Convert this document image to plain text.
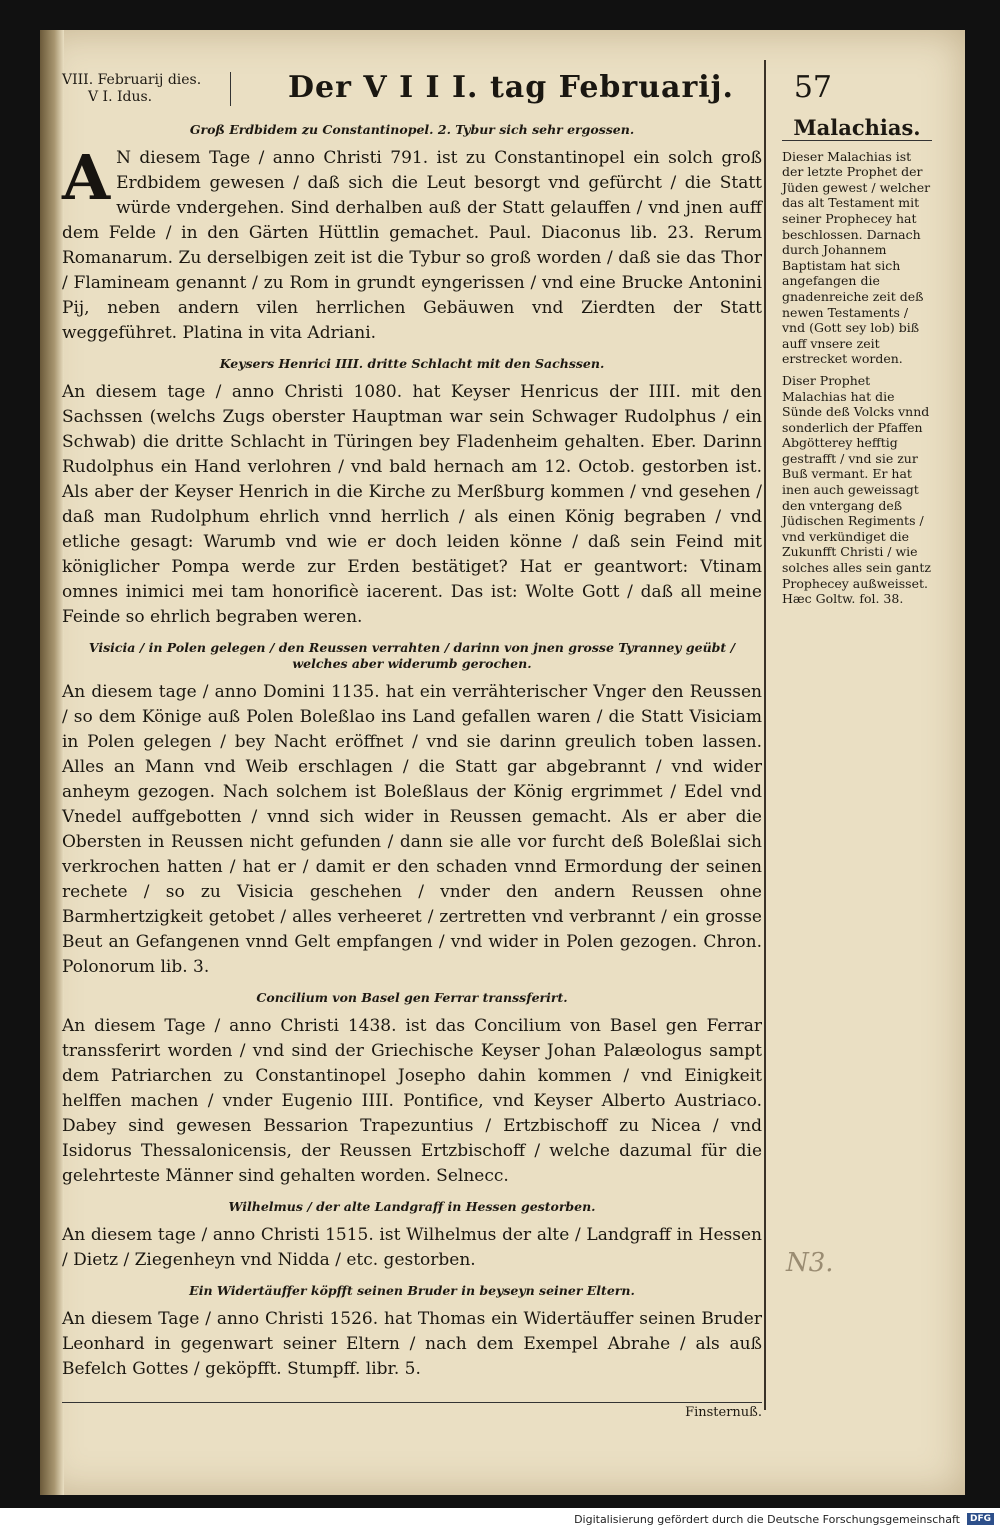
VIII. Februarij dies.
V I. Idus.	Der V I I I. tag Februarij. 57
Groß Erdbidem zu Constantinopel. 2. Tybur sich sehr ergossen.

A N diesem Tage / anno Christi 791. ist zu Constantinopel ein solch groß Erdbidem gewesen / daß sich die Leut besorgt vnd gefürcht / die Statt würde vndergehen. Sind derhalben auß der Statt gelauffen / vnd jnen auff dem Felde / in den Gärten Hüttlin gemachet. Paul. Diaconus lib. 23. Rerum Romanarum. Zu derselbigen zeit ist die Tybur so groß worden / daß sie das Thor / Flamineam genannt / zu Rom in grundt eyngerissen / vnd eine Brucke Antonini Pij, neben andern vilen herrlichen Gebäuwen vnd Zierdten der Statt weggeführet. Platina in vita Adriani.

Keysers Henrici IIII. dritte Schlacht mit den Sachssen.

An diesem tage / anno Christi 1080. hat Keyser Henricus der IIII. mit den Sachssen (welchs Zugs oberster Hauptman war sein Schwager Rudolphus / ein Schwab) die dritte Schlacht in Türingen bey Fladenheim gehalten. Eber. Darinn Rudolphus ein Hand verlohren / vnd bald hernach am 12. Octob. gestorben ist. Als aber der Keyser Henrich in die Kirche zu Merßburg kommen / vnd gesehen / daß man Rudolphum ehrlich vnnd herrlich / als einen König begraben / vnd etliche gesagt: Warumb vnd wie er doch leiden könne / daß sein Feind mit königlicher Pompa werde zur Erden bestätiget? Hat er geantwort: Vtinam omnes inimici mei tam honorificè iacerent. Das ist: Wolte Gott / daß all meine Feinde so ehrlich begraben weren.

Visicia / in Polen gelegen / den Reussen verrahten / darinn von jnen grosse Tyranney geübt / welches aber widerumb gerochen.

An diesem tage / anno Domini 1135. hat ein verrähterischer Vnger den Reussen / so dem Könige auß Polen Boleßlao ins Land gefallen waren / die Statt Visiciam in Polen gelegen / bey Nacht eröffnet / vnd sie darinn greulich toben lassen. Alles an Mann vnd Weib erschlagen / die Statt gar abgebrannt / vnd wider anheym gezogen. Nach solchem ist Boleßlaus der König ergrimmet / Edel vnd Vnedel auffgebotten / vnnd sich wider in Reussen gemacht. Als er aber die Obersten in Reussen nicht gefunden / dann sie alle vor furcht deß Boleßlai sich verkrochen hatten / hat er / damit er den schaden vnnd Ermordung der seinen rechete / so zu Visicia geschehen / vnder den andern Reussen ohne Barmhertzigkeit getobet / alles verheeret / zertretten vnd verbrannt / ein grosse Beut an Gefangenen vnnd Gelt empfangen / vnd wider in Polen gezogen. Chron. Polonorum lib. 3.

Concilium von Basel gen Ferrar transsferirt.

An diesem Tage / anno Christi 1438. ist das Concilium von Basel gen Ferrar transsferirt worden / vnd sind der Griechische Keyser Johan Palæologus sampt dem Patriarchen zu Constantinopel Josepho dahin kommen / vnd Einigkeit helffen machen / vnder Eugenio IIII. Pontifice, vnd Keyser Alberto Austriaco. Dabey sind gewesen Bessarion Trapezuntius / Ertzbischoff zu Nicea / vnd Isidorus Thessalonicensis, der Reussen Ertzbischoff / welche dazumal für die gelehrteste Männer sind gehalten worden. Selnecc.

Wilhelmus / der alte Landgraff in Hessen gestorben.

An diesem tage / anno Christi 1515. ist Wilhelmus der alte / Landgraff in Hessen / Dietz / Ziegenheyn vnd Nidda / etc. gestorben.

Ein Widertäuffer köpfft seinen Bruder in beyseyn seiner Eltern.

An diesem Tage / anno Christi 1526. hat Thomas ein Widertäuffer seinen Bruder Leonhard in gegenwart seiner Eltern / nach dem Exempel Abrahe / als auß Befelch Gottes / geköpfft. Stumpff. libr. 5.

Malachias.

Dieser Malachias ist der letzte Prophet der Jüden gewest / welcher das alt Testament mit seiner Prophecey hat beschlossen. Darnach durch Johannem Baptistam hat sich angefangen die gnadenreiche zeit deß newen Testaments / vnd (Gott sey lob) biß auff vnsere zeit erstrecket worden.

Diser Prophet Malachias hat die Sünde deß Volcks vnnd sonderlich der Pfaffen Abgötterey hefftig gestrafft / vnd sie zur Buß vermant. Er hat inen auch geweissagt den vntergang deß Jüdischen Regiments / vnd verkündiget die Zukunfft Christi / wie solches alles sein gantz Prophecey außweisset. Hæc Goltw. fol. 38.

N3.
Finsternuß.
Digitalisierung gefördert durch die Deutsche Forschungsgemeinschaft	DFG
